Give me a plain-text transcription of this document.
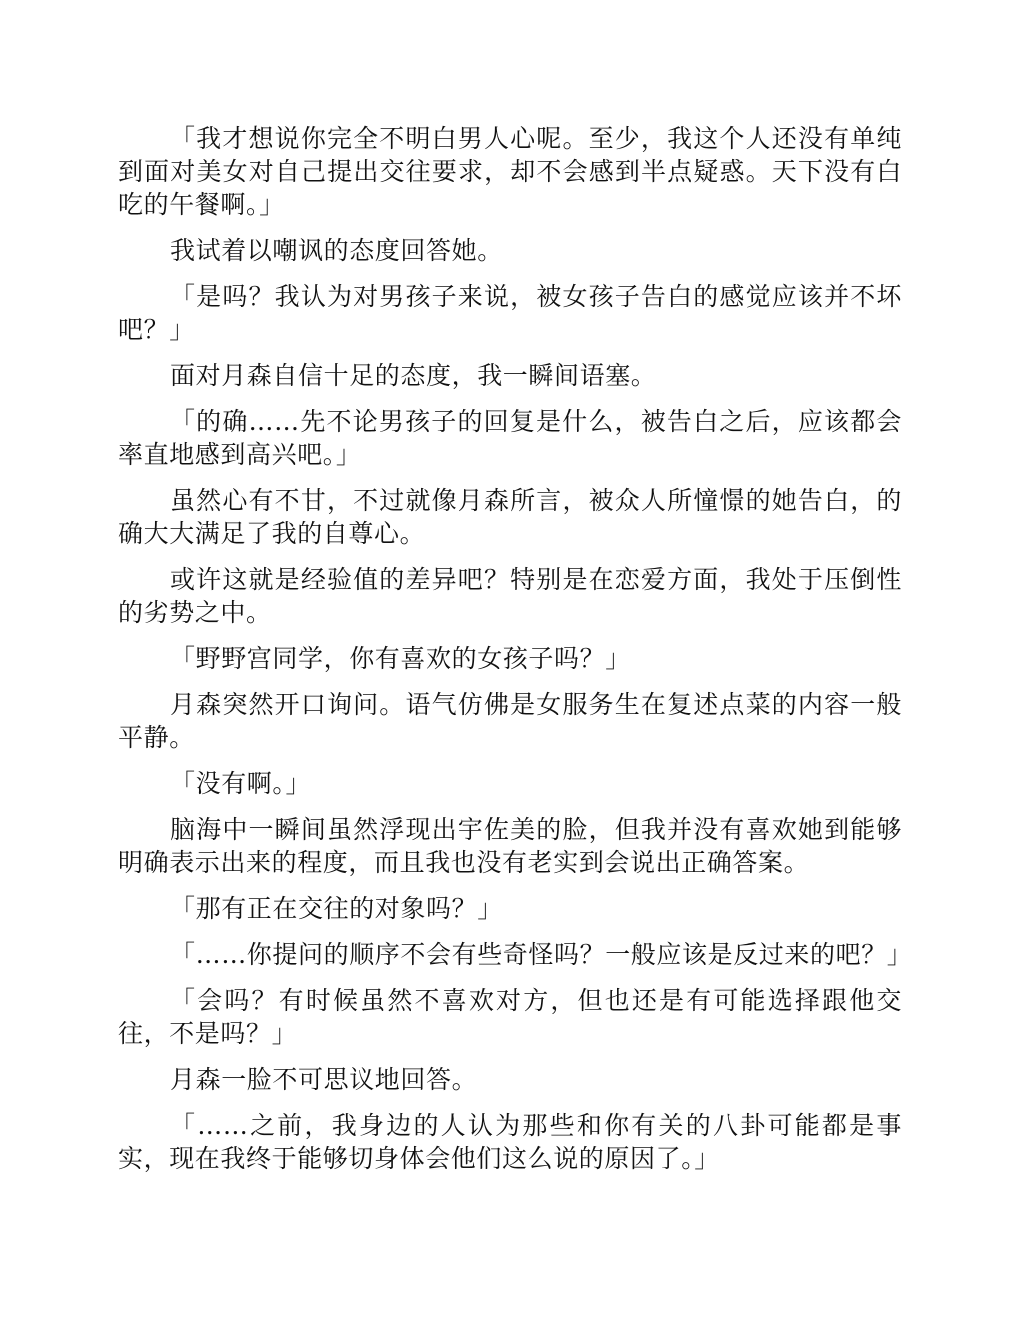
「我才想说你完全不明白男人心呢。至少，我这个人还没有单纯到面对美女对自己提出交往要求，却不会感到半点疑惑。天下没有白吃的午餐啊。」

我试着以嘲讽的态度回答她。

「是吗？我认为对男孩子来说，被女孩子告白的感觉应该并不坏吧？」

面对月森自信十足的态度，我一瞬间语塞。

「的确……先不论男孩子的回复是什么，被告白之后，应该都会率直地感到高兴吧。」

虽然心有不甘，不过就像月森所言，被众人所憧憬的她告白，的确大大满足了我的自尊心。

或许这就是经验值的差异吧？特别是在恋爱方面，我处于压倒性的劣势之中。

「野野宫同学，你有喜欢的女孩子吗？」

月森突然开口询问。语气仿佛是女服务生在复述点菜的内容一般平静。

「没有啊。」

脑海中一瞬间虽然浮现出宇佐美的脸，但我并没有喜欢她到能够明确表示出来的程度，而且我也没有老实到会说出正确答案。

「那有正在交往的对象吗？」

「……你提问的顺序不会有些奇怪吗？一般应该是反过来的吧？」

「会吗？有时候虽然不喜欢对方，但也还是有可能选择跟他交往，不是吗？」

月森一脸不可思议地回答。

「……之前，我身边的人认为那些和你有关的八卦可能都是事实，现在我终于能够切身体会他们这么说的原因了。」
